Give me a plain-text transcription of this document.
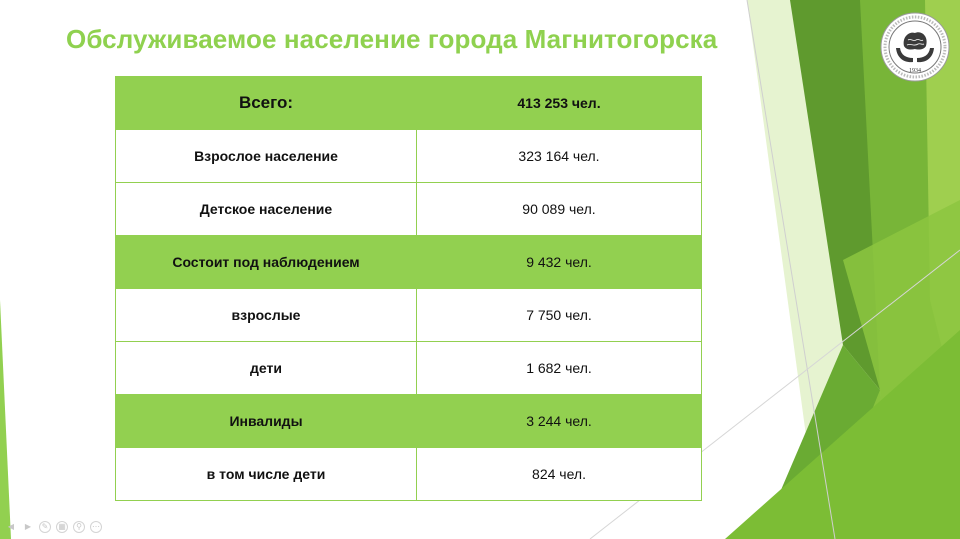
Обслуживаемое население города Магнитогорска
1934
Всего:	413 253 чел.
Взрослое население	323 164 чел.
Детское население	90 089 чел.
Состоит под наблюдением	9 432 чел.
взрослые	7 750 чел.
дети	1 682 чел.
Инвалиды	3 244 чел.
в том числе дети	824 чел.
◀	▶	✎	▦	⚲	⋯
